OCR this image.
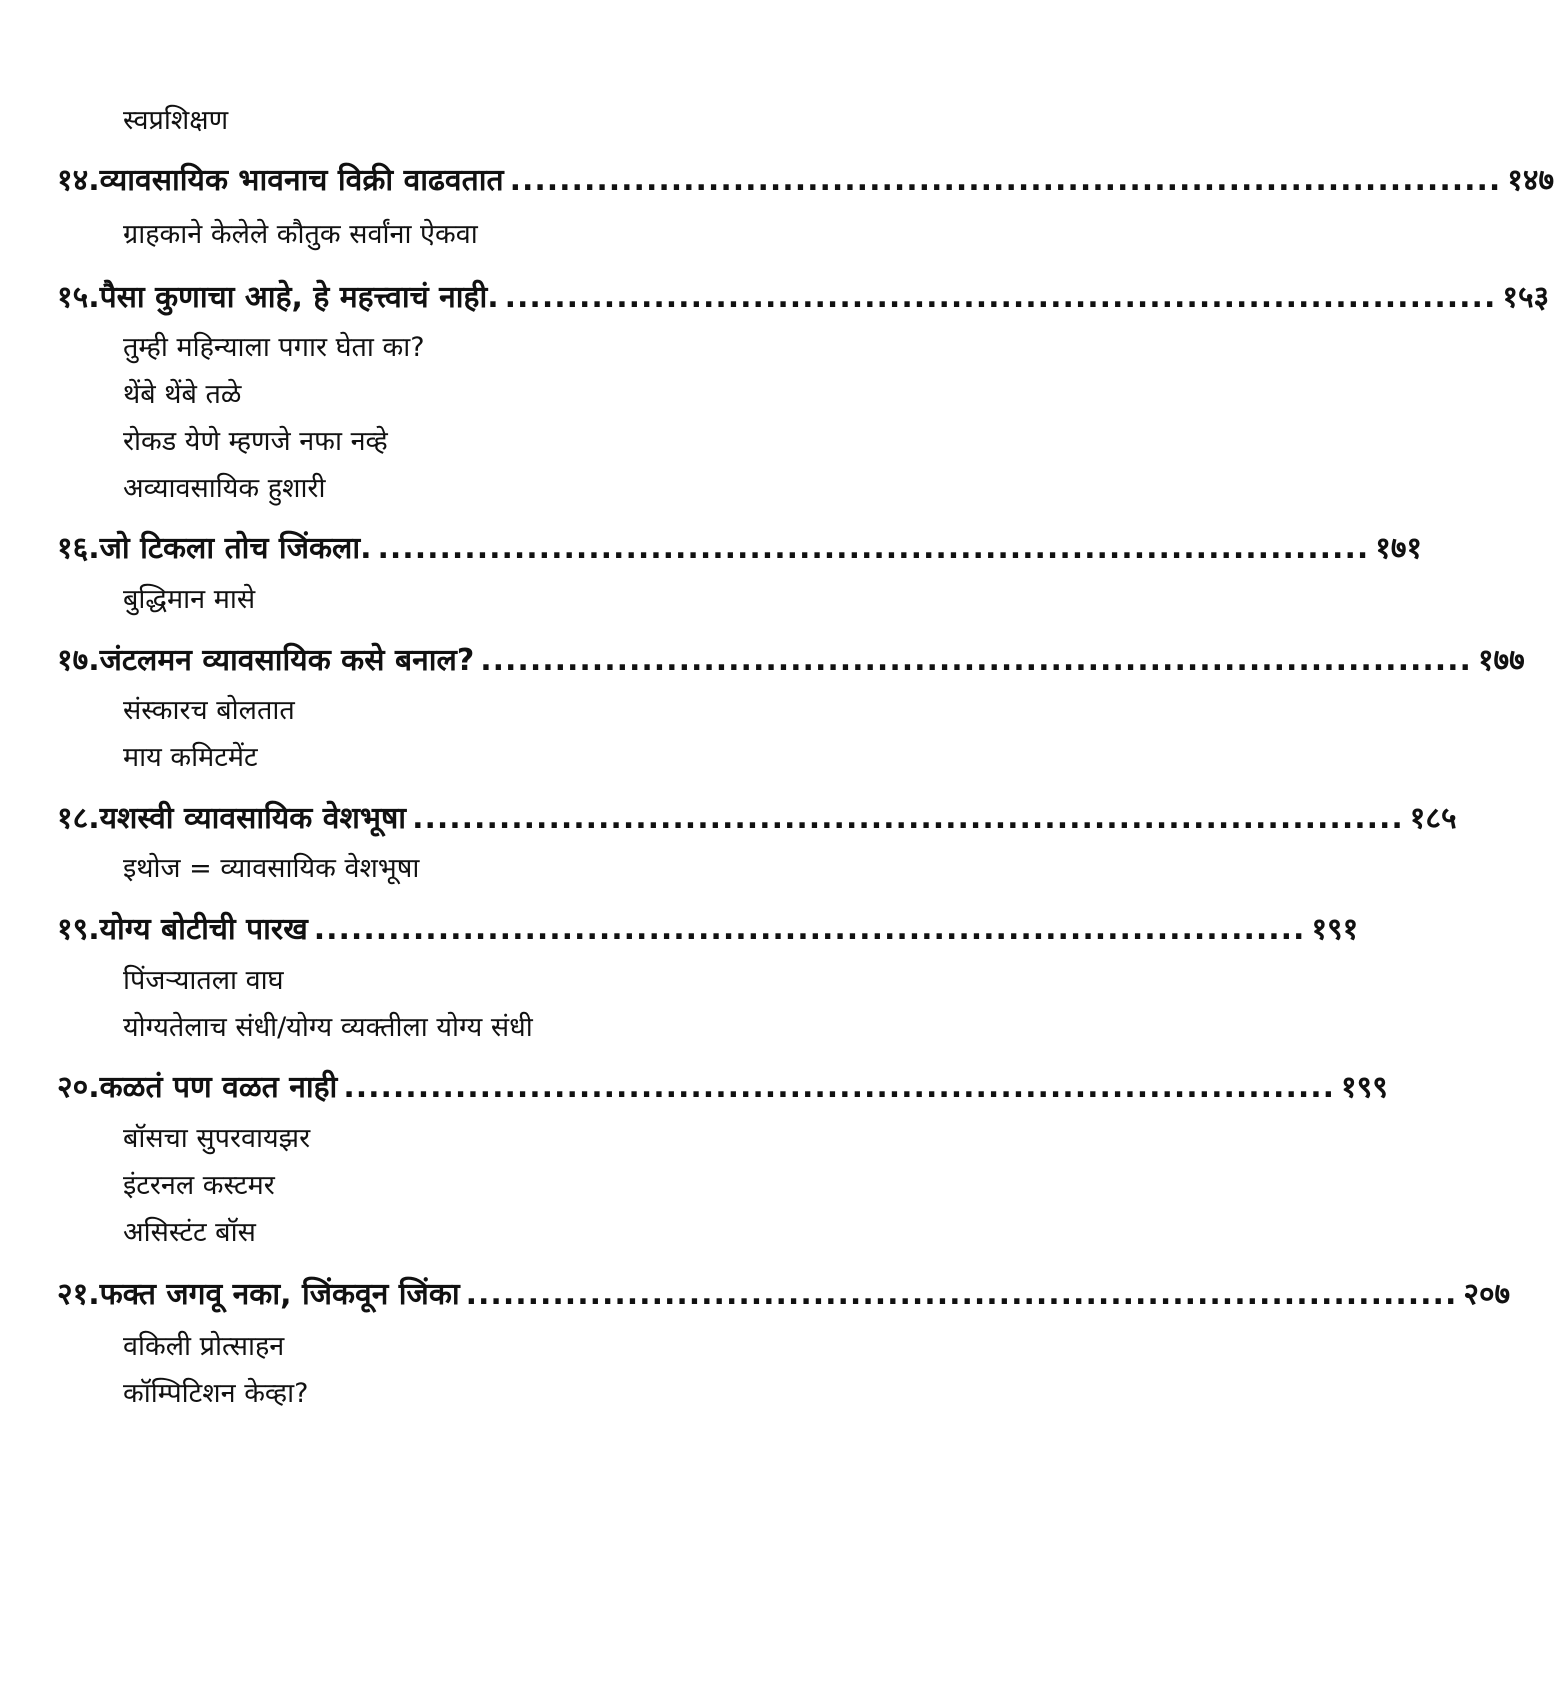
स्वप्रशिक्षण
१४. व्यावसायिक भावनाच विक्री वाढवतात ................................................................................ १४७
ग्राहकाने केलेले कौतुक सर्वांना ऐकवा
१५. पैसा कुणाचा आहे, हे महत्त्वाचं नाही. ................................................................................ १५३
तुम्ही महिन्याला पगार घेता का?
थेंबे थेंबे तळे
रोकड येणे म्हणजे नफा नव्हे
अव्यावसायिक हुशारी
१६. जो टिकला तोच जिंकला. ................................................................................ १७१
बुद्धिमान मासे
१७. जंटलमन व्यावसायिक कसे बनाल? ................................................................................ १७७
संस्कारच बोलतात
माय कमिटमेंट
१८. यशस्वी व्यावसायिक वेशभूषा ................................................................................ १८५
इथोज = व्यावसायिक वेशभूषा
१९. योग्य बोटीची पारख ................................................................................ १९१
पिंजऱ्यातला वाघ
योग्यतेलाच संधी/योग्य व्यक्तीला योग्य संधी
२०. कळतं पण वळत नाही ................................................................................ १९९
बॉसचा सुपरवायझर
इंटरनल कस्टमर
असिस्टंट बॉस
२१. फक्त जगवू नका, जिंकवून जिंका ................................................................................ २०७
वकिली प्रोत्साहन
कॉम्पिटिशन केव्हा?
